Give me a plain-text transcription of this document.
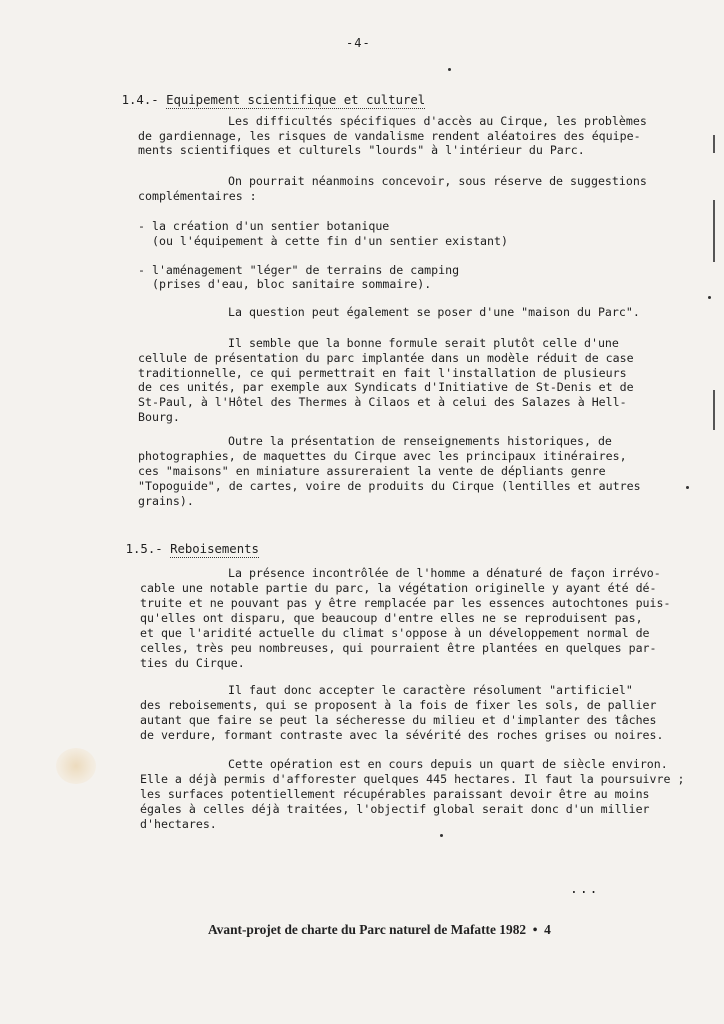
-4-

1.4.- Equipement scientifique et culturel

Les difficultés spécifiques d'accès au Cirque, les problèmes
de gardiennage, les risques de vandalisme rendent aléatoires des équipe-
ments scientifiques et culturels "lourds" à l'intérieur du Parc.
On pourrait néanmoins concevoir, sous réserve de suggestions
complémentaires :
- la création d'un sentier botanique
(ou l'équipement à cette fin d'un sentier existant)
- l'aménagement "léger" de terrains de camping
(prises d'eau, bloc sanitaire sommaire).
La question peut également se poser d'une "maison du Parc".
Il semble que la bonne formule serait plutôt celle d'une
cellule de présentation du parc implantée dans un modèle réduit de case
traditionnelle, ce qui permettrait en fait l'installation de plusieurs
de ces unités, par exemple aux Syndicats d'Initiative de St-Denis et de
St-Paul, à l'Hôtel des Thermes à Cilaos et à celui des Salazes à Hell-
Bourg.
Outre la présentation de renseignements historiques, de
photographies, de maquettes du Cirque avec les principaux itinéraires,
ces "maisons" en miniature assureraient la vente de dépliants genre
"Topoguide", de cartes, voire de produits du Cirque (lentilles et autres
grains).

1.5.- Reboisements

La présence incontrôlée de l'homme a dénaturé de façon irrévo-
cable une notable partie du parc, la végétation originelle y ayant été dé-
truite et ne pouvant pas y être remplacée par les essences autochtones puis-
qu'elles ont disparu, que beaucoup d'entre elles ne se reproduisent pas,
et que l'aridité actuelle du climat s'oppose à un développement normal de
celles, très peu nombreuses, qui pourraient être plantées en quelques par-
ties du Cirque.
Il faut donc accepter le caractère résolument "artificiel"
des reboisements, qui se proposent à la fois de fixer les sols, de pallier
autant que faire se peut la sécheresse du milieu et d'implanter des tâches
de verdure, formant contraste avec la sévérité des roches grises ou noires.
Cette opération est en cours depuis un quart de siècle environ.
Elle a déjà permis d'afforester quelques 445 hectares. Il faut la poursuivre ;
les surfaces potentiellement récupérables paraissant devoir être au moins
égales à celles déjà traitées, l'objectif global serait donc d'un millier
d'hectares.
...
Avant-projet de charte du Parc naturel de Mafatte 1982  •  4
